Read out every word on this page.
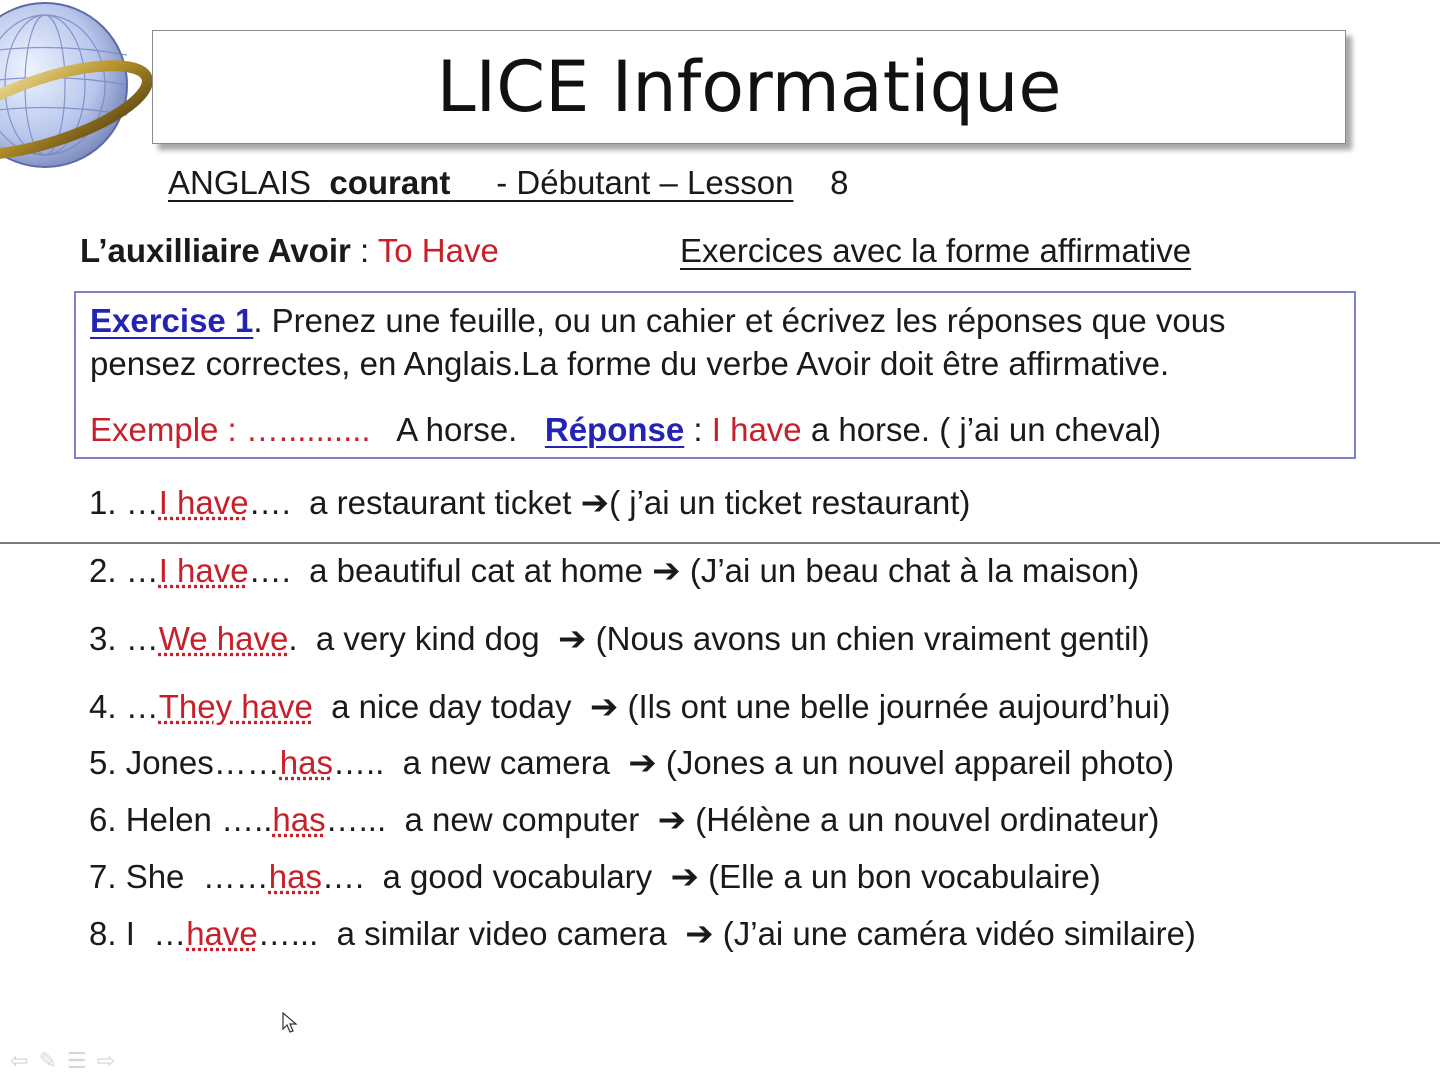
LICE Informatique
ANGLAIS  courant     - Débutant – Lesson    8
L’auxilliaire Avoir : To Have	Exercices avec la forme affirmative
Exercise 1. Prenez une feuille, ou un cahier et écrivez les réponses que vous
pensez correctes, en Anglais.La forme du verbe Avoir doit être affirmative.
Exemple : …..........   A horse.   Réponse : I have a horse. ( j’ai un cheval)
1. …I have….  a restaurant ticket ➔( j’ai un ticket restaurant)
2. …I have….  a beautiful cat at home ➔ (J’ai un beau chat à la maison)
3. …We have.  a very kind dog  ➔ (Nous avons un chien vraiment gentil)
4. …They have  a nice day today  ➔ (Ils ont une belle journée aujourd’hui)
5. Jones……has…..  a new camera  ➔ (Jones a un nouvel appareil photo)
6. Helen …..has…...  a new computer  ➔ (Hélène a un nouvel ordinateur)
7. She  ……has….  a good vocabulary  ➔ (Elle a un bon vocabulaire)
8. I  …have…...  a similar video camera  ➔ (J’ai une caméra vidéo similaire)
⇦ ✎ ☰ ⇨
